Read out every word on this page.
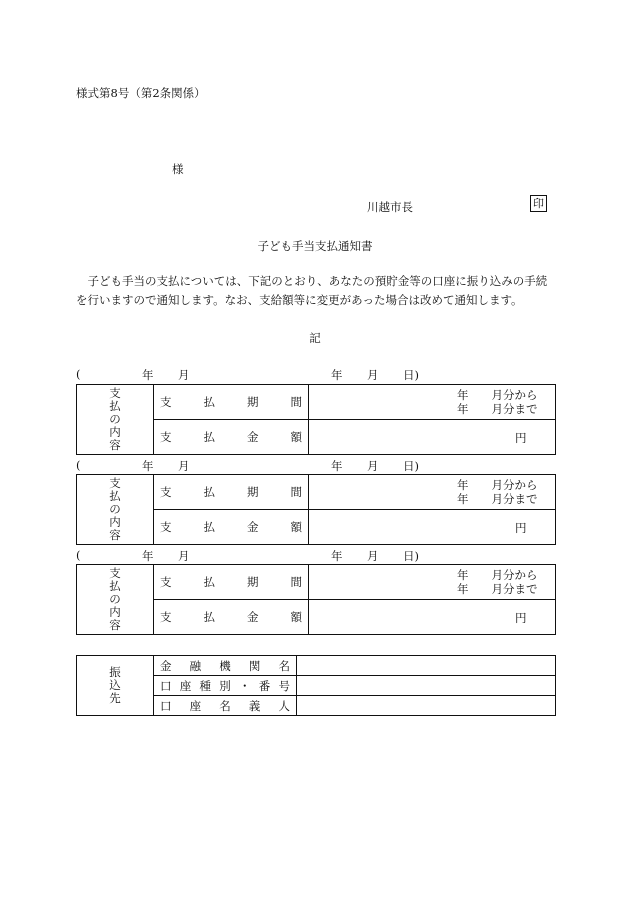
様式第8号（第2条関係）
様
川越市長	印
子ども手当支払通知書
子ども手当の支払については、下記のとおり、あなたの預貯金等の口座に振り込みの手続を行いますので通知します。なお、支給額等に変更があった場合は改めて通知します。
記
(	年 月	年 月 日)
支払の内容	支払期間	年　　月分から
年　　月分まで

	支払金額	円
(	年 月	年 月 日)
支払の内容	支払期間	年　　月分から
年　　月分まで

	支払金額	円
(	年 月	年 月 日)
支払の内容	支払期間	年　　月分から
年　　月分まで

	支払金額	円
振込先	金融機関名	
	口座種別・番号	
	口座名義人	
